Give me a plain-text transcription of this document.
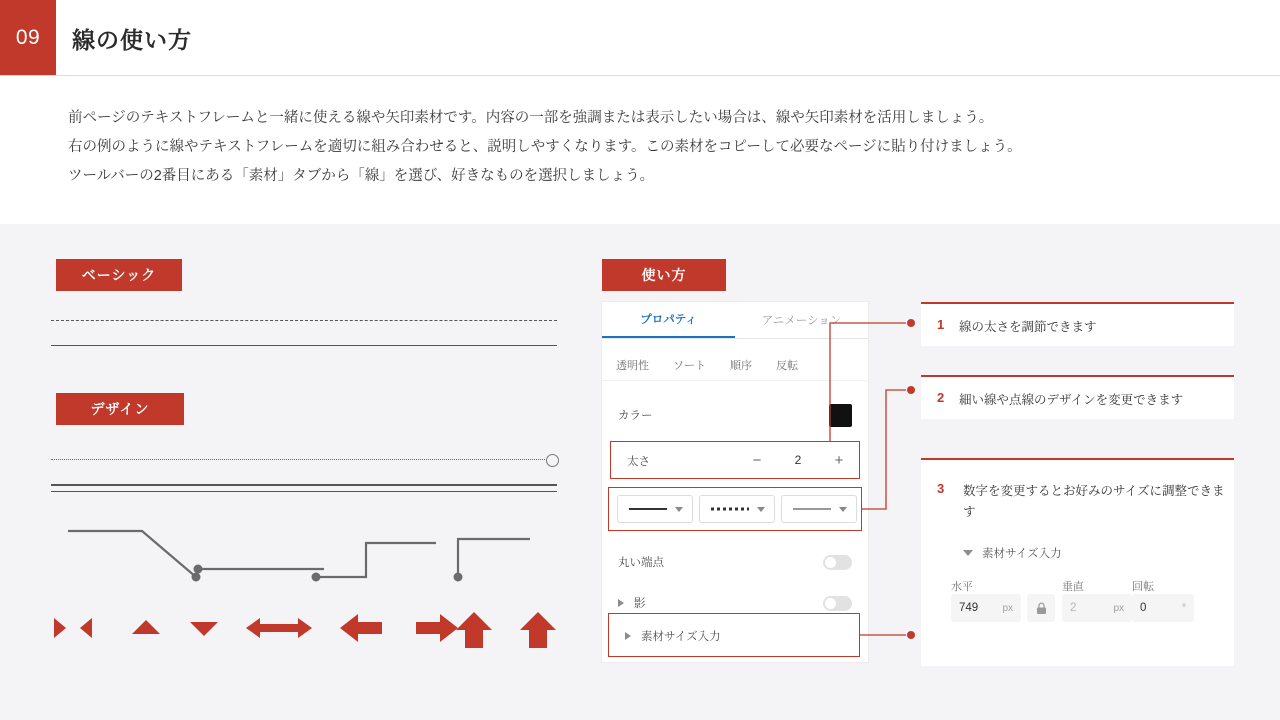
09	線の使い方
前ページのテキストフレームと一緒に使える線や矢印素材です。内容の一部を強調または表示したい場合は、線や矢印素材を活用しましょう。
右の例のように線やテキストフレームを適切に組み合わせると、説明しやすくなります。この素材をコピーして必要なページに貼り付けましょう。
ツールバーの2番目にある「素材」タブから「線」を選び、好きなものを選択しましょう。
ベーシック
デザイン
使い方
プロパティ	アニメーション
透明性 ソート 順序 反転
カラー
丸い端点
影
太さ	−	2	+
素材サイズ入力
1 線の太さを調節できます
2 細い線や点線のデザインを変更できます
3 数字を変更するとお好みのサイズに調整できます
素材サイズ入力
水平
749 px
垂直
2	px
回転
0	°
